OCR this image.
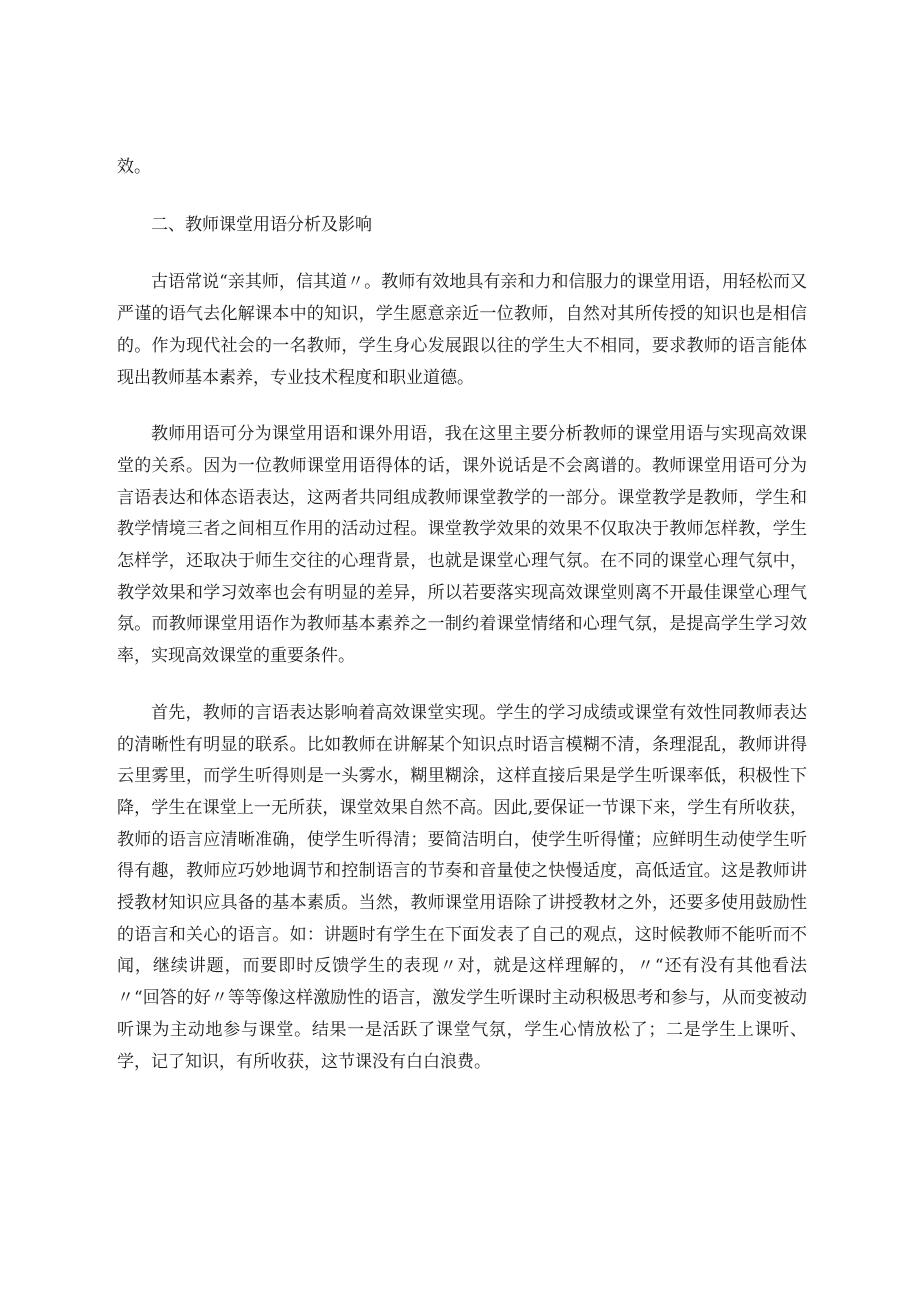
效。

二、教师课堂用语分析及影响

古语常说“亲其师，信其道〃。教师有效地具有亲和力和信服力的课堂用语，用轻松而又严谨的语气去化解课本中的知识，学生愿意亲近一位教师，自然对其所传授的知识也是相信的。作为现代社会的一名教师，学生身心发展跟以往的学生大不相同，要求教师的语言能体现出教师基本素养，专业技术程度和职业道德。

教师用语可分为课堂用语和课外用语，我在这里主要分析教师的课堂用语与实现高效课堂的关系。因为一位教师课堂用语得体的话，课外说话是不会离谱的。教师课堂用语可分为言语表达和体态语表达，这两者共同组成教师课堂教学的一部分。课堂教学是教师，学生和教学情境三者之间相互作用的活动过程。课堂教学效果的效果不仅取决于教师怎样教，学生怎样学，还取决于师生交往的心理背景，也就是课堂心理气氛。在不同的课堂心理气氛中，教学效果和学习效率也会有明显的差异，所以若要落实现高效课堂则离不开最佳课堂心理气氛。而教师课堂用语作为教师基本素养之一制约着课堂情绪和心理气氛，是提高学生学习效率，实现高效课堂的重要条件。

首先，教师的言语表达影响着高效课堂实现。学生的学习成绩或课堂有效性同教师表达的清晰性有明显的联系。比如教师在讲解某个知识点时语言模糊不清，条理混乱，教师讲得云里雾里，而学生听得则是一头雾水，糊里糊涂，这样直接后果是学生听课率低，积极性下降，学生在课堂上一无所获，课堂效果自然不高。因此,要保证一节课下来，学生有所收获，教师的语言应清晰准确，使学生听得清；要简洁明白，使学生听得懂；应鲜明生动使学生听得有趣，教师应巧妙地调节和控制语言的节奏和音量使之快慢适度，高低适宜。这是教师讲授教材知识应具备的基本素质。当然，教师课堂用语除了讲授教材之外，还要多使用鼓励性的语言和关心的语言。如：讲题时有学生在下面发表了自己的观点，这时候教师不能听而不闻，继续讲题，而要即时反馈学生的表现〃对，就是这样理解的，〃“还有没有其他看法〃“回答的好〃等等像这样激励性的语言，激发学生听课时主动积极思考和参与，从而变被动听课为主动地参与课堂。结果一是活跃了课堂气氛，学生心情放松了；二是学生上课听、学，记了知识，有所收获，这节课没有白白浪费。
